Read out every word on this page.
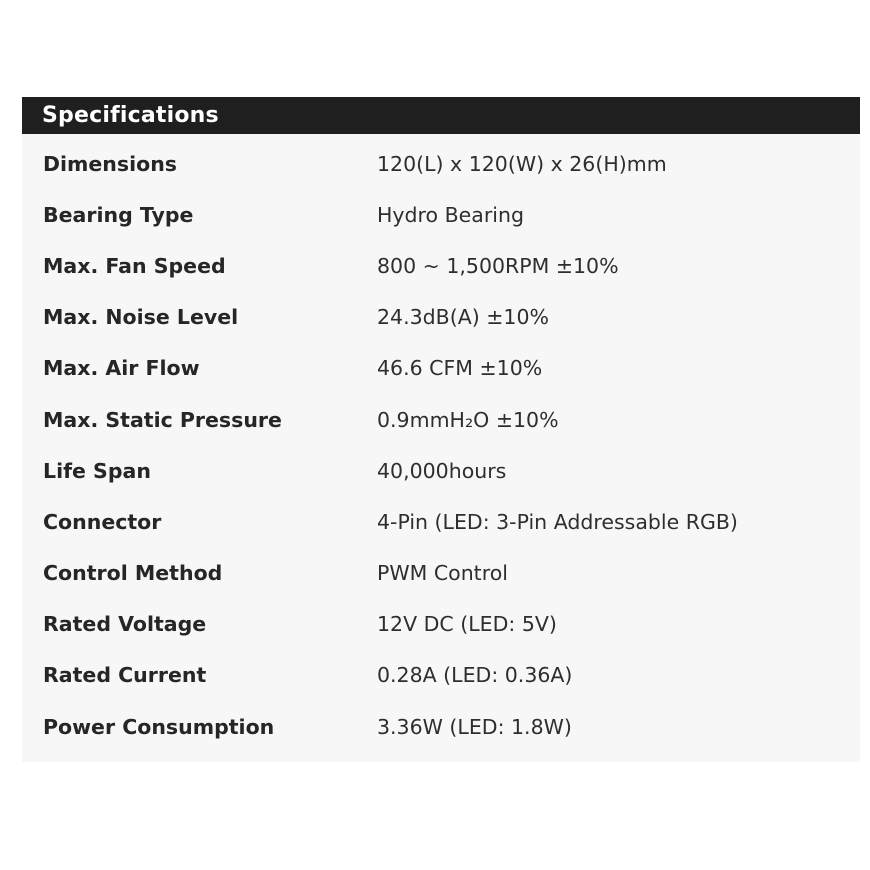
Specifications
Dimensions	120(L) x 120(W) x 26(H)mm
Bearing Type	Hydro Bearing
Max. Fan Speed	800 ~ 1,500RPM ±10%
Max. Noise Level	24.3dB(A) ±10%
Max. Air Flow	46.6 CFM ±10%
Max. Static Pressure	0.9mmH₂O ±10%
Life Span	40,000hours
Connector	4-Pin (LED: 3-Pin Addressable RGB)
Control Method	PWM Control
Rated Voltage	12V DC (LED: 5V)
Rated Current	0.28A (LED: 0.36A)
Power Consumption	3.36W (LED: 1.8W)
